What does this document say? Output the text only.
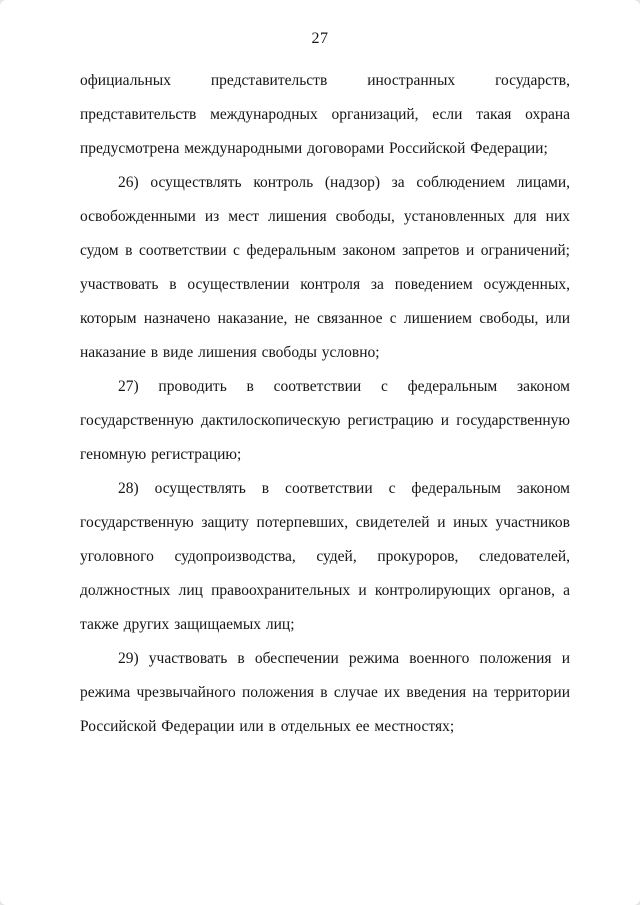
27

официальных представительств иностранных государств, представительств международных организаций, если такая охрана предусмотрена международными договорами Российской Федерации;

26) осуществлять контроль (надзор) за соблюдением лицами, освобожденными из мест лишения свободы, установленных для них судом в соответствии с федеральным законом запретов и ограничений; участвовать в осуществлении контроля за поведением осужденных, которым назначено наказание, не связанное с лишением свободы, или наказание в виде лишения свободы условно;

27) проводить в соответствии с федеральным законом государственную дактилоскопическую регистрацию и государственную геномную регистрацию;

28) осуществлять в соответствии с федеральным законом государственную защиту потерпевших, свидетелей и иных участников уголовного судопроизводства, судей, прокуроров, следователей, должностных лиц правоохранительных и контролирующих органов, а также других защищаемых лиц;

29) участвовать в обеспечении режима военного положения и режима чрезвычайного положения в случае их введения на территории Российской Федерации или в отдельных ее местностях;
